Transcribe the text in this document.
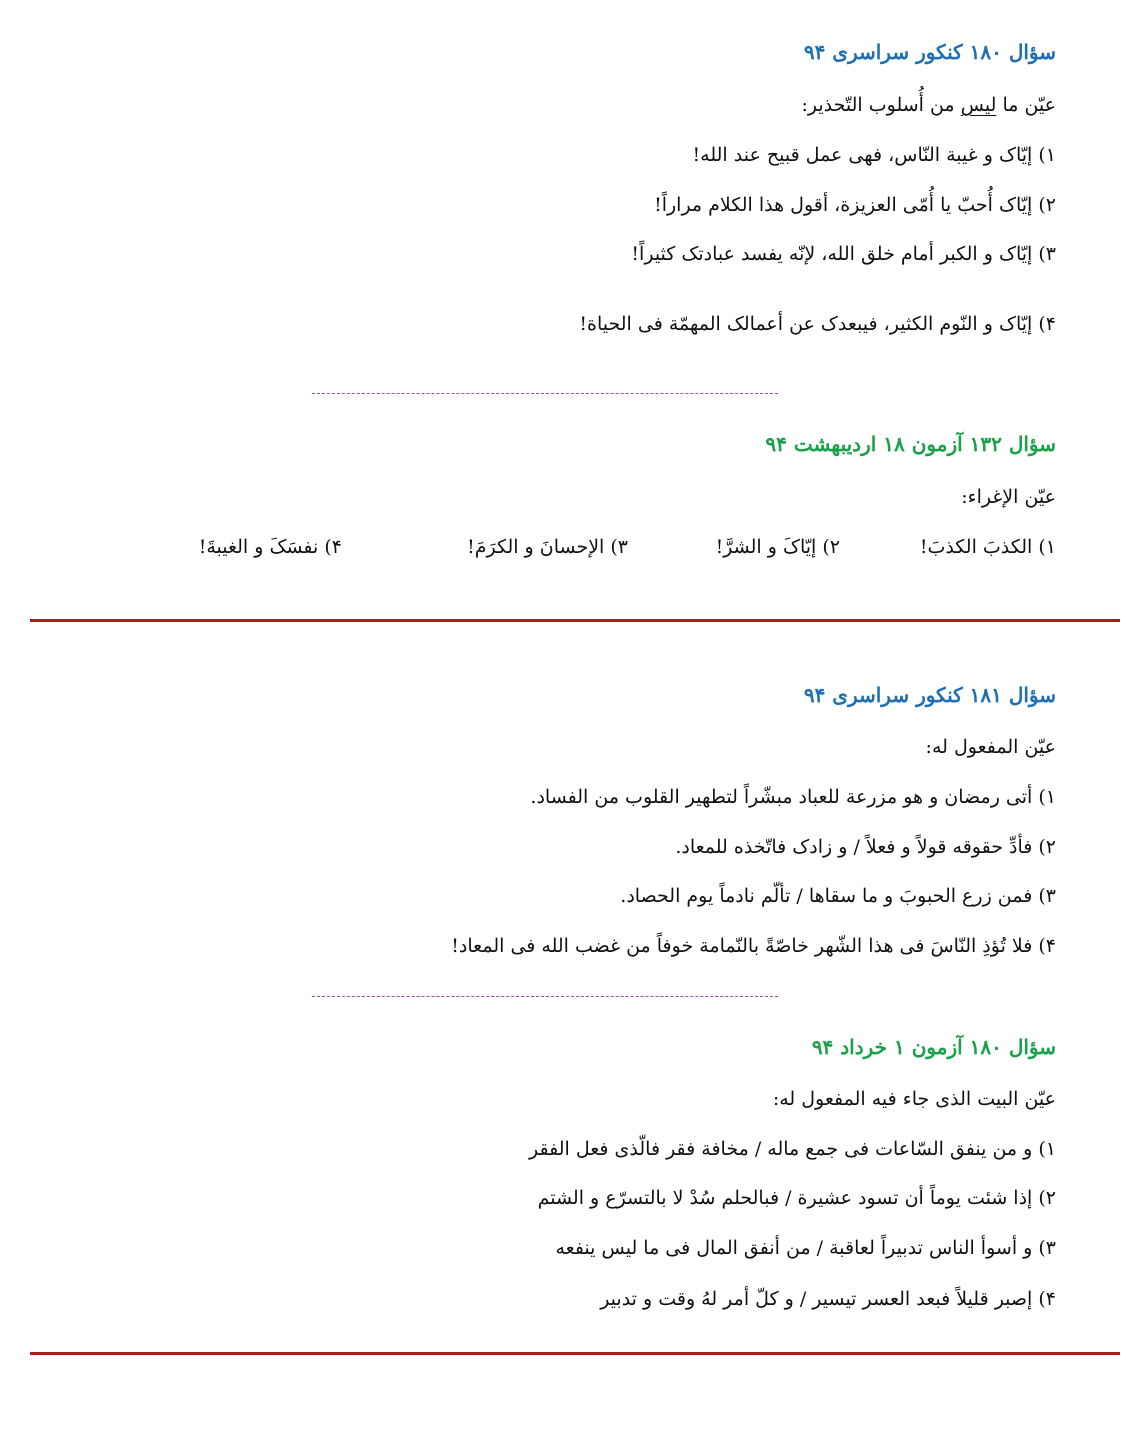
سؤال ۱۸۰ کنکور سراسری ۹۴
عیّن ما لیس من أُسلوب التّحذیر:
۱) إیّاک و غیبة النّاس، فهی عمل قبیح عند الله!
۲) إیّاک أُحبّ یا أُمّی العزیزة، أقول هذا الکلام مراراً!
۳) إیّاک و الکبر أمام خلق الله، لإنّه یفسد عبادتک کثیراً!
۴) إیّاک و النّوم الکثیر، فیبعدک عن أعمالک المهمّة فی الحیاة!
سؤال ۱۳۲ آزمون ۱۸ اردیبهشت ۹۴
عیّن الإغراء:
۱) الکذبَ الکذبَ!
۲) إیّاکَ و الشرَّ!
۳) الإحسانَ و الکرَمَ!
۴) نفسَکَ و الغیبةَ!
سؤال ۱۸۱ کنکور سراسری ۹۴
عیّن المفعول له:
۱) أتی رمضان و هو مزرعة للعباد مبشّراً لتطهیر القلوب من الفساد.
۲) فأدِّ حقوقه قولاً و فعلاً / و زادک فاتّخذه للمعاد.
۳) فمن زرع الحبوبَ و ما سقاها / تألّم نادماً یوم الحصاد.
۴) فلا تُؤذِ النّاسَ فی هذا الشّهر خاصّةً بالنّمامة خوفاً من غضب الله فی المعاد!
سؤال ۱۸۰ آزمون ۱ خرداد ۹۴
عیّن البیت الذی جاء فیه المفعول له:
۱) و من ینفق السّاعات فی جمع ماله / مخافة فقر فالّذی فعل الفقر
۲) إذا شئت یوماً أن تسود عشیرة / فبالحلم سُدْ لا بالتسرّع و الشتم
۳) و أسوأ الناس تدبیراً لعاقبة / من أنفق المال فی ما لیس ینفعه
۴) إصبر قلیلاً فبعد العسر تیسیر / و کلّ أمر لهُ وقت و تدبیر
